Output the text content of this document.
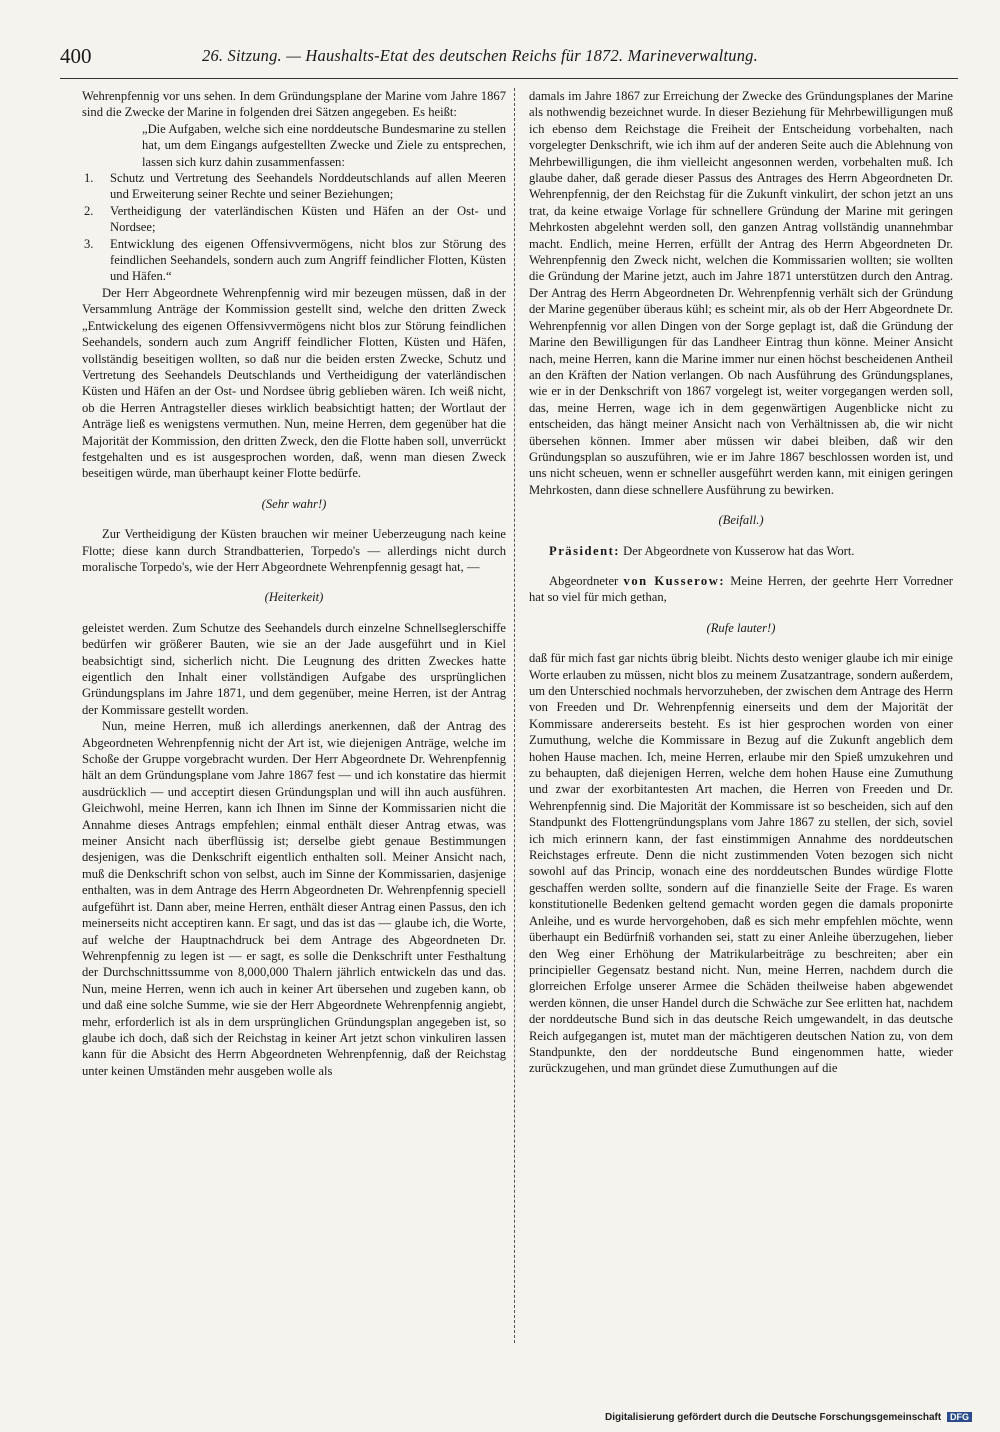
400	26. Sitzung. — Haushalts-Etat des deutschen Reichs für 1872. Marineverwaltung.

Wehrenpfennig vor uns sehen. In dem Gründungsplane der Marine vom Jahre 1867 sind die Zwecke der Marine in folgenden drei Sätzen angegeben. Es heißt:

„Die Aufgaben, welche sich eine norddeutsche Bundesmarine zu stellen hat, um dem Eingangs aufgestellten Zwecke und Ziele zu entsprechen, lassen sich kurz dahin zusammenfassen:

1. Schutz und Vertretung des Seehandels Norddeutschlands auf allen Meeren und Erweiterung seiner Rechte und seiner Beziehungen;
2. Vertheidigung der vaterländischen Küsten und Häfen an der Ost- und Nordsee;
3. Entwicklung des eigenen Offensivvermögens, nicht blos zur Störung des feindlichen Seehandels, sondern auch zum Angriff feindlicher Flotten, Küsten und Häfen.“

Der Herr Abgeordnete Wehrenpfennig wird mir bezeugen müssen, daß in der Versammlung Anträge der Kommission gestellt sind, welche den dritten Zweck „Entwickelung des eigenen Offensivvermögens nicht blos zur Störung feindlichen Seehandels, sondern auch zum Angriff feindlicher Flotten, Küsten und Häfen, vollständig beseitigen wollten, so daß nur die beiden ersten Zwecke, Schutz und Vertretung des Seehandels Deutschlands und Vertheidigung der vaterländischen Küsten und Häfen an der Ost- und Nordsee übrig geblieben wären. Ich weiß nicht, ob die Herren Antragsteller dieses wirklich beabsichtigt hatten; der Wortlaut der Anträge ließ es wenigstens vermuthen. Nun, meine Herren, dem gegenüber hat die Majorität der Kommission, den dritten Zweck, den die Flotte haben soll, unverrückt festgehalten und es ist ausgesprochen worden, daß, wenn man diesen Zweck beseitigen würde, man überhaupt keiner Flotte bedürfe.

(Sehr wahr!)

Zur Vertheidigung der Küsten brauchen wir meiner Ueberzeugung nach keine Flotte; diese kann durch Strandbatterien, Torpedo's — allerdings nicht durch moralische Torpedo's, wie der Herr Abgeordnete Wehrenpfennig gesagt hat, —

(Heiterkeit)

geleistet werden. Zum Schutze des Seehandels durch einzelne Schnellseglerschiffe bedürfen wir größerer Bauten, wie sie an der Jade ausgeführt und in Kiel beabsichtigt sind, sicherlich nicht. Die Leugnung des dritten Zweckes hatte eigentlich den Inhalt einer vollständigen Aufgabe des ursprünglichen Gründungsplans im Jahre 1871, und dem gegenüber, meine Herren, ist der Antrag der Kommissare gestellt worden.

Nun, meine Herren, muß ich allerdings anerkennen, daß der Antrag des Abgeordneten Wehrenpfennig nicht der Art ist, wie diejenigen Anträge, welche im Schoße der Gruppe vorgebracht wurden. Der Herr Abgeordnete Dr. Wehrenpfennig hält an dem Gründungsplane vom Jahre 1867 fest — und ich konstatire das hiermit ausdrücklich — und acceptirt diesen Gründungsplan und will ihn auch ausführen. Gleichwohl, meine Herren, kann ich Ihnen im Sinne der Kommissarien nicht die Annahme dieses Antrags empfehlen; einmal enthält dieser Antrag etwas, was meiner Ansicht nach überflüssig ist; derselbe giebt genaue Bestimmungen desjenigen, was die Denkschrift eigentlich enthalten soll. Meiner Ansicht nach, muß die Denkschrift schon von selbst, auch im Sinne der Kommissarien, dasjenige enthalten, was in dem Antrage des Herrn Abgeordneten Dr. Wehrenpfennig speciell aufgeführt ist. Dann aber, meine Herren, enthält dieser Antrag einen Passus, den ich meinerseits nicht acceptiren kann. Er sagt, und das ist das — glaube ich, die Worte, auf welche der Hauptnachdruck bei dem Antrage des Abgeordneten Dr. Wehrenpfennig zu legen ist — er sagt, es solle die Denkschrift unter Festhaltung der Durchschnittssumme von 8,000,000 Thalern jährlich entwickeln das und das. Nun, meine Herren, wenn ich auch in keiner Art übersehen und zugeben kann, ob und daß eine solche Summe, wie sie der Herr Abgeordnete Wehrenpfennig angiebt, mehr, erforderlich ist als in dem ursprünglichen Gründungsplan angegeben ist, so glaube ich doch, daß sich der Reichstag in keiner Art jetzt schon vinkuliren lassen kann für die Absicht des Herrn Abgeordneten Wehrenpfennig, daß der Reichstag unter keinen Umständen mehr ausgeben wolle als

damals im Jahre 1867 zur Erreichung der Zwecke des Gründungsplanes der Marine als nothwendig bezeichnet wurde. In dieser Beziehung für Mehrbewilligungen muß ich ebenso dem Reichstage die Freiheit der Entscheidung vorbehalten, nach vorgelegter Denkschrift, wie ich ihm auf der anderen Seite auch die Ablehnung von Mehrbewilligungen, die ihm vielleicht angesonnen werden, vorbehalten muß. Ich glaube daher, daß gerade dieser Passus des Antrages des Herrn Abgeordneten Dr. Wehrenpfennig, der den Reichstag für die Zukunft vinkulirt, der schon jetzt an uns trat, da keine etwaige Vorlage für schnellere Gründung der Marine mit geringen Mehrkosten abgelehnt werden soll, den ganzen Antrag vollständig unannehmbar macht. Endlich, meine Herren, erfüllt der Antrag des Herrn Abgeordneten Dr. Wehrenpfennig den Zweck nicht, welchen die Kommissarien wollten; sie wollten die Gründung der Marine jetzt, auch im Jahre 1871 unterstützen durch den Antrag. Der Antrag des Herrn Abgeordneten Dr. Wehrenpfennig verhält sich der Gründung der Marine gegenüber überaus kühl; es scheint mir, als ob der Herr Abgeordnete Dr. Wehrenpfennig vor allen Dingen von der Sorge geplagt ist, daß die Gründung der Marine den Bewilligungen für das Landheer Eintrag thun könne. Meiner Ansicht nach, meine Herren, kann die Marine immer nur einen höchst bescheidenen Antheil an den Kräften der Nation verlangen. Ob nach Ausführung des Gründungsplanes, wie er in der Denkschrift von 1867 vorgelegt ist, weiter vorgegangen werden soll, das, meine Herren, wage ich in dem gegenwärtigen Augenblicke nicht zu entscheiden, das hängt meiner Ansicht nach von Verhältnissen ab, die wir nicht übersehen können. Immer aber müssen wir dabei bleiben, daß wir den Gründungsplan so auszuführen, wie er im Jahre 1867 beschlossen worden ist, und uns nicht scheuen, wenn er schneller ausgeführt werden kann, mit einigen geringen Mehrkosten, dann diese schnellere Ausführung zu bewirken.

(Beifall.)

Präsident: Der Abgeordnete von Kusserow hat das Wort.

Abgeordneter von Kusserow: Meine Herren, der geehrte Herr Vorredner hat so viel für mich gethan,

(Rufe lauter!)

daß für mich fast gar nichts übrig bleibt. Nichts desto weniger glaube ich mir einige Worte erlauben zu müssen, nicht blos zu meinem Zusatzantrage, sondern außerdem, um den Unterschied nochmals hervorzuheben, der zwischen dem Antrage des Herrn von Freeden und Dr. Wehrenpfennig einerseits und dem der Majorität der Kommissare andererseits besteht. Es ist hier gesprochen worden von einer Zumuthung, welche die Kommissare in Bezug auf die Zukunft angeblich dem hohen Hause machen. Ich, meine Herren, erlaube mir den Spieß umzukehren und zu behaupten, daß diejenigen Herren, welche dem hohen Hause eine Zumuthung und zwar der exorbitantesten Art machen, die Herren von Freeden und Dr. Wehrenpfennig sind. Die Majorität der Kommissare ist so bescheiden, sich auf den Standpunkt des Flottengründungsplans vom Jahre 1867 zu stellen, der sich, soviel ich mich erinnern kann, der fast einstimmigen Annahme des norddeutschen Reichstages erfreute. Denn die nicht zustimmenden Voten bezogen sich nicht sowohl auf das Princip, wonach eine des norddeutschen Bundes würdige Flotte geschaffen werden sollte, sondern auf die finanzielle Seite der Frage. Es waren konstitutionelle Bedenken geltend gemacht worden gegen die damals proponirte Anleihe, und es wurde hervorgehoben, daß es sich mehr empfehlen möchte, wenn überhaupt ein Bedürfniß vorhanden sei, statt zu einer Anleihe überzugehen, lieber den Weg einer Erhöhung der Matrikularbeiträge zu beschreiten; aber ein principieller Gegensatz bestand nicht. Nun, meine Herren, nachdem durch die glorreichen Erfolge unserer Armee die Schäden theilweise haben abgewendet werden können, die unser Handel durch die Schwäche zur See erlitten hat, nachdem der norddeutsche Bund sich in das deutsche Reich umgewandelt, in das deutsche Reich aufgegangen ist, mutet man der mächtigeren deutschen Nation zu, von dem Standpunkte, den der norddeutsche Bund eingenommen hatte, wieder zurückzugehen, und man gründet diese Zumuthungen auf die

Digitalisierung gefördert durch die Deutsche Forschungsgemeinschaft DFG
